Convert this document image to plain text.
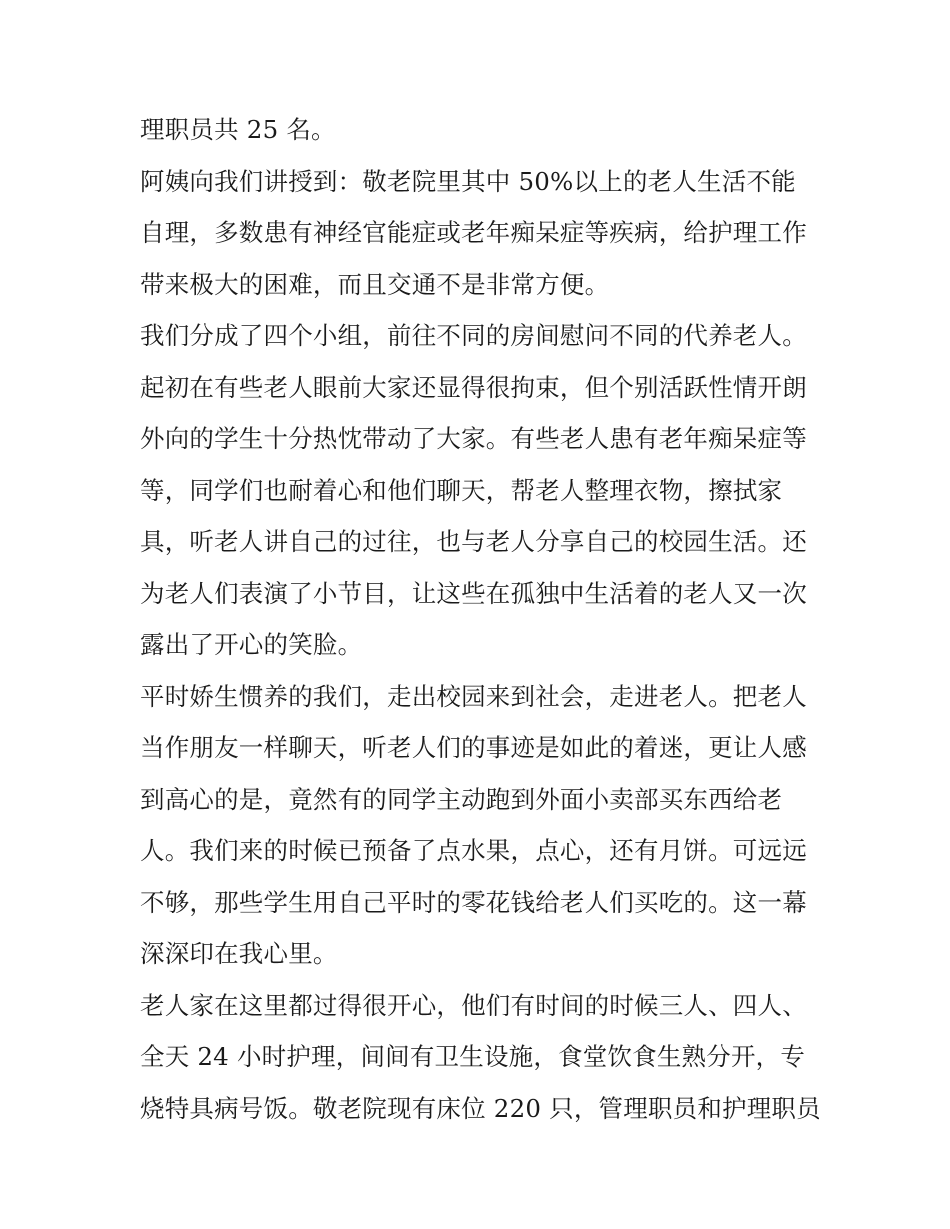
理职员共 25 名。
阿姨向我们讲授到：敬老院里其中 50%以上的老人生活不能
自理，多数患有神经官能症或老年痴呆症等疾病，给护理工作
带来极大的困难，而且交通不是非常方便。
我们分成了四个小组，前往不同的房间慰问不同的代养老人。
起初在有些老人眼前大家还显得很拘束，但个别活跃性情开朗
外向的学生十分热忱带动了大家。有些老人患有老年痴呆症等
等，同学们也耐着心和他们聊天，帮老人整理衣物，擦拭家
具，听老人讲自己的过往，也与老人分享自己的校园生活。还
为老人们表演了小节目，让这些在孤独中生活着的老人又一次
露出了开心的笑脸。
平时娇生惯养的我们，走出校园来到社会，走进老人。把老人
当作朋友一样聊天，听老人们的事迹是如此的着迷，更让人感
到高心的是，竟然有的同学主动跑到外面小卖部买东西给老
人。我们来的时候已预备了点水果，点心，还有月饼。可远远
不够，那些学生用自己平时的零花钱给老人们买吃的。这一幕
深深印在我心里。
老人家在这里都过得很开心，他们有时间的时候三人、四人、
全天 24 小时护理，间间有卫生设施，食堂饮食生熟分开，专
烧特具病号饭。敬老院现有床位 220 只，管理职员和护理职员
